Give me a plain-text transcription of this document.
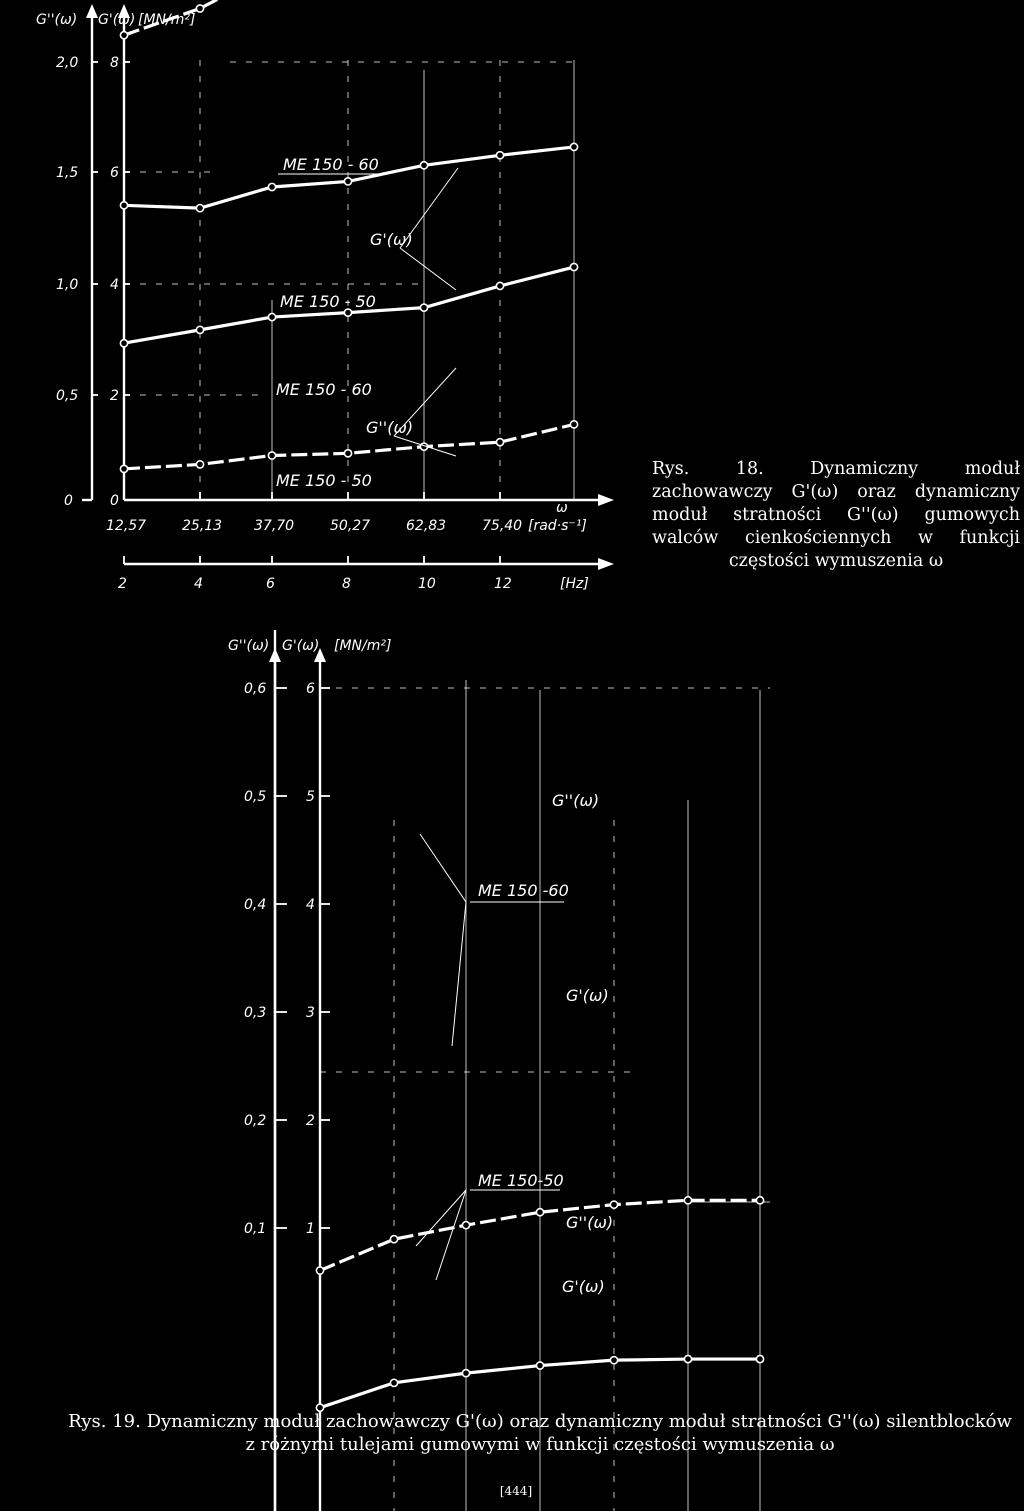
2,0
1,5
1,0
0,5
0
8
6
4
2
0
G''(ω) G'(ω) [MN/m²]
ME 150 - 60
G'(ω)
ME 150 - 50
ME 150 - 60
G''(ω)
ME 150 - 50
12,57	25,13 37,70	50,27	62,83	75,40
2	4	6	8	10	12
ω
[rad·s⁻¹]
[Hz]
G''(ω) G'(ω) [MN/m²]
0,6	6
0,5	5
0,4	4
0,3	3
0,2	2
0,1	1
G''(ω)
ME 150 -60
G'(ω)
ME 150-50
G''(ω)
G'(ω)
Rys. 18. Dynamiczny moduł zachowawczy G'(ω) oraz dynamiczny moduł stratności G''(ω) gumowych walców cienkościennych w funkcji częstości wymuszenia ω
Rys. 19. Dynamiczny moduł zachowawczy G'(ω) oraz dynamiczny moduł stratności G''(ω) silentblocków
z różnymi tulejami gumowymi w funkcji częstości wymuszenia ω
[444]
